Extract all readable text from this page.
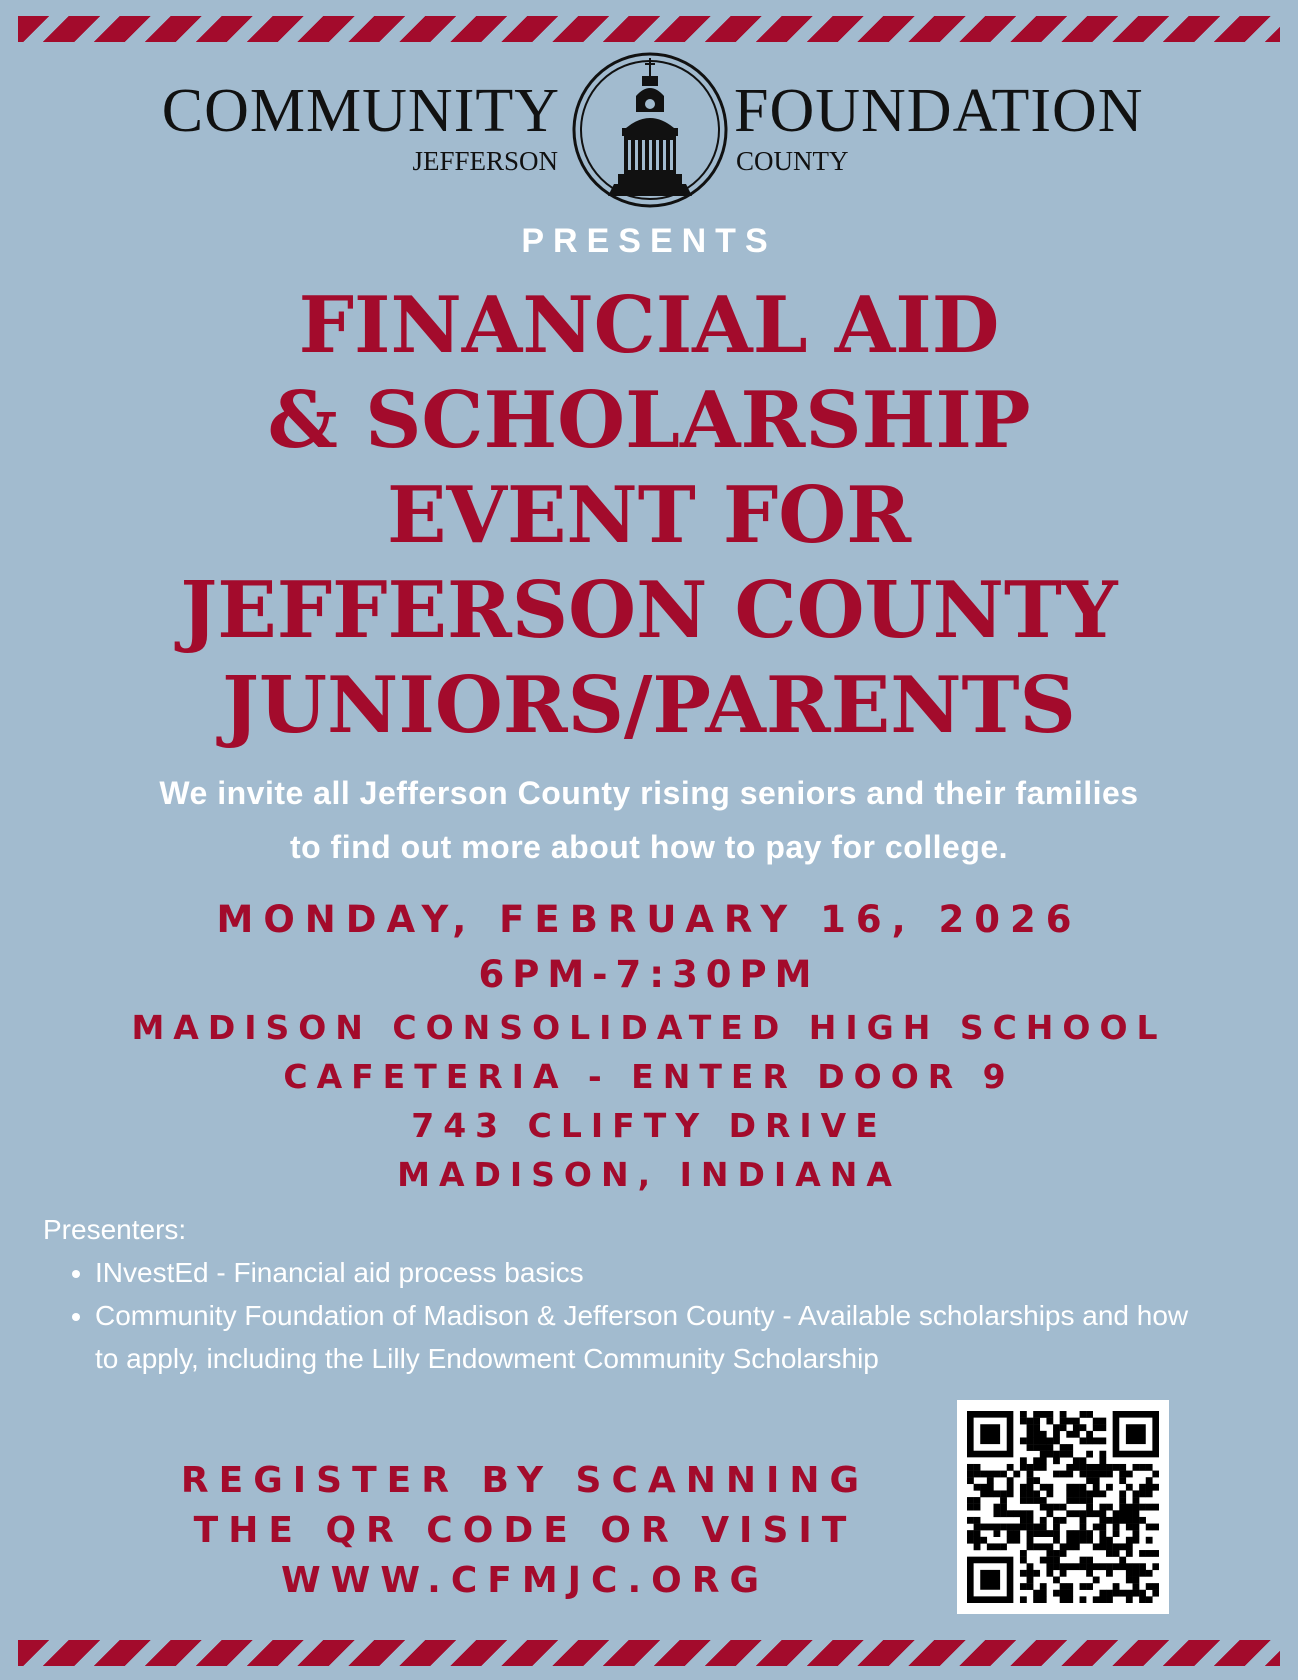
COMMUNITY
JEFFERSON
FOUNDATION
COUNTY
PRESENTS
FINANCIAL AID
& SCHOLARSHIP
EVENT FOR
JEFFERSON COUNTY
JUNIORS/PARENTS
We invite all Jefferson County rising seniors and their families
to find out more about how to pay for college.
MONDAY, FEBRUARY 16, 2026
6PM-7:30PM
MADISON CONSOLIDATED HIGH SCHOOL
CAFETERIA - ENTER DOOR 9
743 CLIFTY DRIVE
MADISON, INDIANA
Presenters:
• INvestEd - Financial aid process basics
• Community Foundation of Madison & Jefferson County - Available scholarships and how to apply, including the Lilly Endowment Community Scholarship
REGISTER BY SCANNING
THE QR CODE OR VISIT
WWW.CFMJC.ORG
